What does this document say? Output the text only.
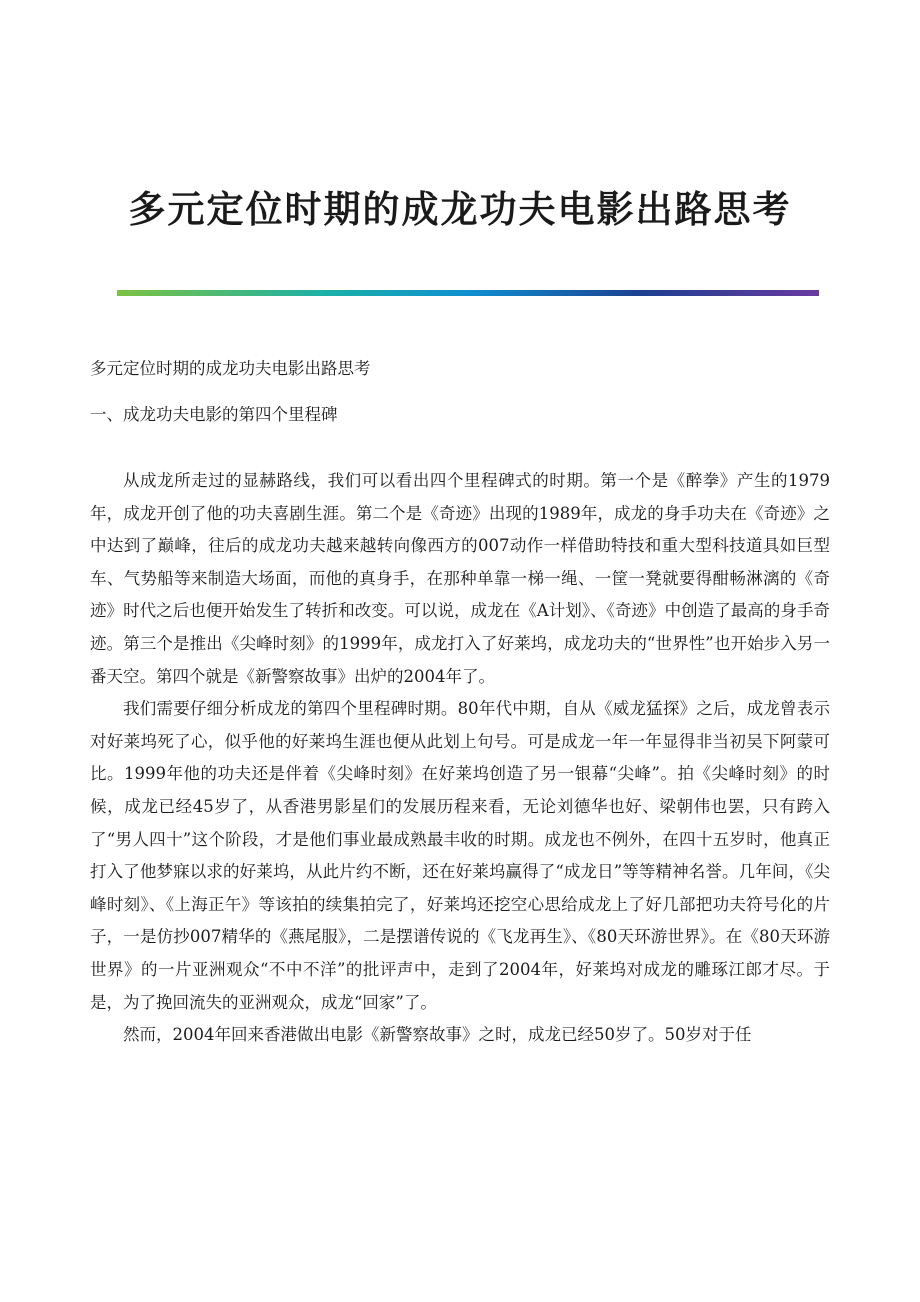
多元定位时期的成龙功夫电影出路思考

多元定位时期的成龙功夫电影出路思考

一、成龙功夫电影的第四个里程碑

从成龙所走过的显赫路线，我们可以看出四个里程碑式的时期。第一个是《醉拳》产生的1979年，成龙开创了他的功夫喜剧生涯。第二个是《奇迹》出现的1989年，成龙的身手功夫在《奇迹》之中达到了巅峰，往后的成龙功夫越来越转向像西方的007动作一样借助特技和重大型科技道具如巨型车、气势船等来制造大场面，而他的真身手，在那种单靠一梯一绳、一筐一凳就要得酣畅淋漓的《奇迹》时代之后也便开始发生了转折和改变。可以说，成龙在《A计划》、《奇迹》中创造了最高的身手奇迹。第三个是推出《尖峰时刻》的1999年，成龙打入了好莱坞，成龙功夫的“世界性”也开始步入另一番天空。第四个就是《新警察故事》出炉的2004年了。

我们需要仔细分析成龙的第四个里程碑时期。80年代中期，自从《威龙猛探》之后，成龙曾表示对好莱坞死了心，似乎他的好莱坞生涯也便从此划上句号。可是成龙一年一年显得非当初吴下阿蒙可比。1999年他的功夫还是伴着《尖峰时刻》在好莱坞创造了另一银幕“尖峰”。拍《尖峰时刻》的时候，成龙已经45岁了，从香港男影星们的发展历程来看，无论刘德华也好、梁朝伟也罢，只有跨入了“男人四十”这个阶段，才是他们事业最成熟最丰收的时期。成龙也不例外，在四十五岁时，他真正打入了他梦寐以求的好莱坞，从此片约不断，还在好莱坞赢得了“成龙日”等等精神名誉。几年间，《尖峰时刻》、《上海正午》等该拍的续集拍完了，好莱坞还挖空心思给成龙上了好几部把功夫符号化的片子，一是仿抄007精华的《燕尾服》，二是摆谱传说的《飞龙再生》、《80天环游世界》。在《80天环游世界》的一片亚洲观众“不中不洋”的批评声中，走到了2004年，好莱坞对成龙的雕琢江郎才尽。于是，为了挽回流失的亚洲观众，成龙“回家”了。

然而，2004年回来香港做出电影《新警察故事》之时，成龙已经50岁了。50岁对于任
